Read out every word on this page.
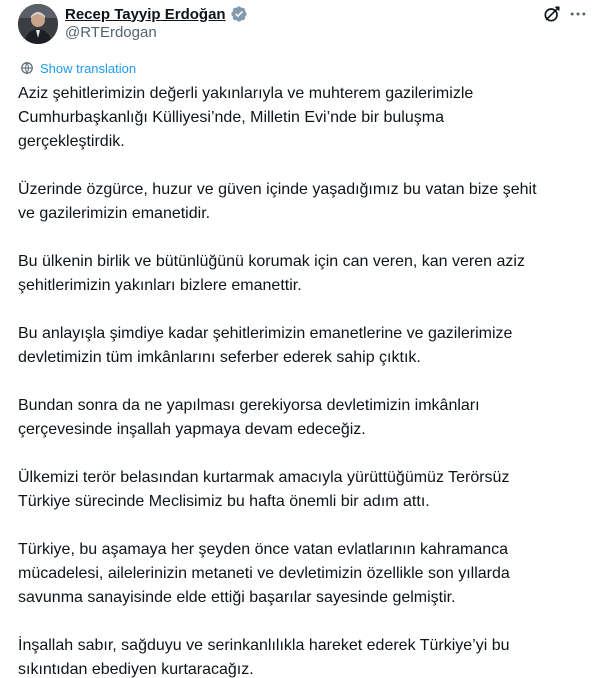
Recep Tayyip Erdoğan
@RTErdogan
Show translation

Aziz şehitlerimizin değerli yakınlarıyla ve muhterem gazilerimizle
Cumhurbaşkanlığı Külliyesi’nde, Milletin Evi’nde bir buluşma
gerçekleştirdik.

Üzerinde özgürce, huzur ve güven içinde yaşadığımız bu vatan bize şehit
ve gazilerimizin emanetidir.

Bu ülkenin birlik ve bütünlüğünü korumak için can veren, kan veren aziz
şehitlerimizin yakınları bizlere emanettir.

Bu anlayışla şimdiye kadar şehitlerimizin emanetlerine ve gazilerimize
devletimizin tüm imkânlarını seferber ederek sahip çıktık.

Bundan sonra da ne yapılması gerekiyorsa devletimizin imkânları
çerçevesinde inşallah yapmaya devam edeceğiz.

Ülkemizi terör belasından kurtarmak amacıyla yürüttüğümüz Terörsüz
Türkiye sürecinde Meclisimiz bu hafta önemli bir adım attı.

Türkiye, bu aşamaya her şeyden önce vatan evlatlarının kahramanca
mücadelesi, ailelerinizin metaneti ve devletimizin özellikle son yıllarda
savunma sanayisinde elde ettiği başarılar sayesinde gelmiştir.

İnşallah sabır, sağduyu ve serinkanlılıkla hareket ederek Türkiye’yi bu
sıkıntıdan ebediyen kurtaracağız.
